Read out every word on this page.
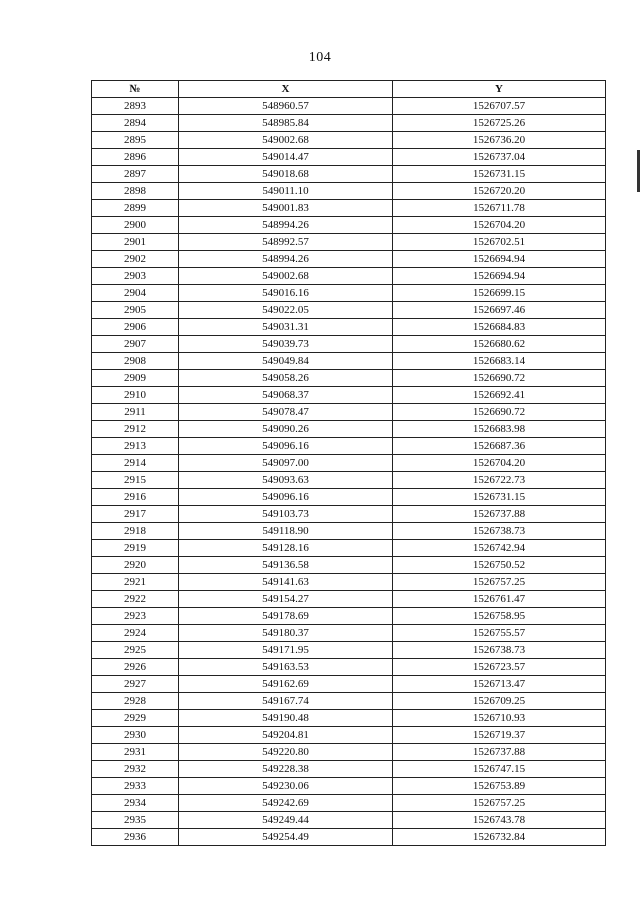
104
№	X	Y
2893	548960.57	1526707.57
2894	548985.84	1526725.26
2895	549002.68	1526736.20
2896	549014.47	1526737.04
2897	549018.68	1526731.15
2898	549011.10	1526720.20
2899	549001.83	1526711.78
2900	548994.26	1526704.20
2901	548992.57	1526702.51
2902	548994.26	1526694.94
2903	549002.68	1526694.94
2904	549016.16	1526699.15
2905	549022.05	1526697.46
2906	549031.31	1526684.83
2907	549039.73	1526680.62
2908	549049.84	1526683.14
2909	549058.26	1526690.72
2910	549068.37	1526692.41
2911	549078.47	1526690.72
2912	549090.26	1526683.98
2913	549096.16	1526687.36
2914	549097.00	1526704.20
2915	549093.63	1526722.73
2916	549096.16	1526731.15
2917	549103.73	1526737.88
2918	549118.90	1526738.73
2919	549128.16	1526742.94
2920	549136.58	1526750.52
2921	549141.63	1526757.25
2922	549154.27	1526761.47
2923	549178.69	1526758.95
2924	549180.37	1526755.57
2925	549171.95	1526738.73
2926	549163.53	1526723.57
2927	549162.69	1526713.47
2928	549167.74	1526709.25
2929	549190.48	1526710.93
2930	549204.81	1526719.37
2931	549220.80	1526737.88
2932	549228.38	1526747.15
2933	549230.06	1526753.89
2934	549242.69	1526757.25
2935	549249.44	1526743.78
2936	549254.49	1526732.84
